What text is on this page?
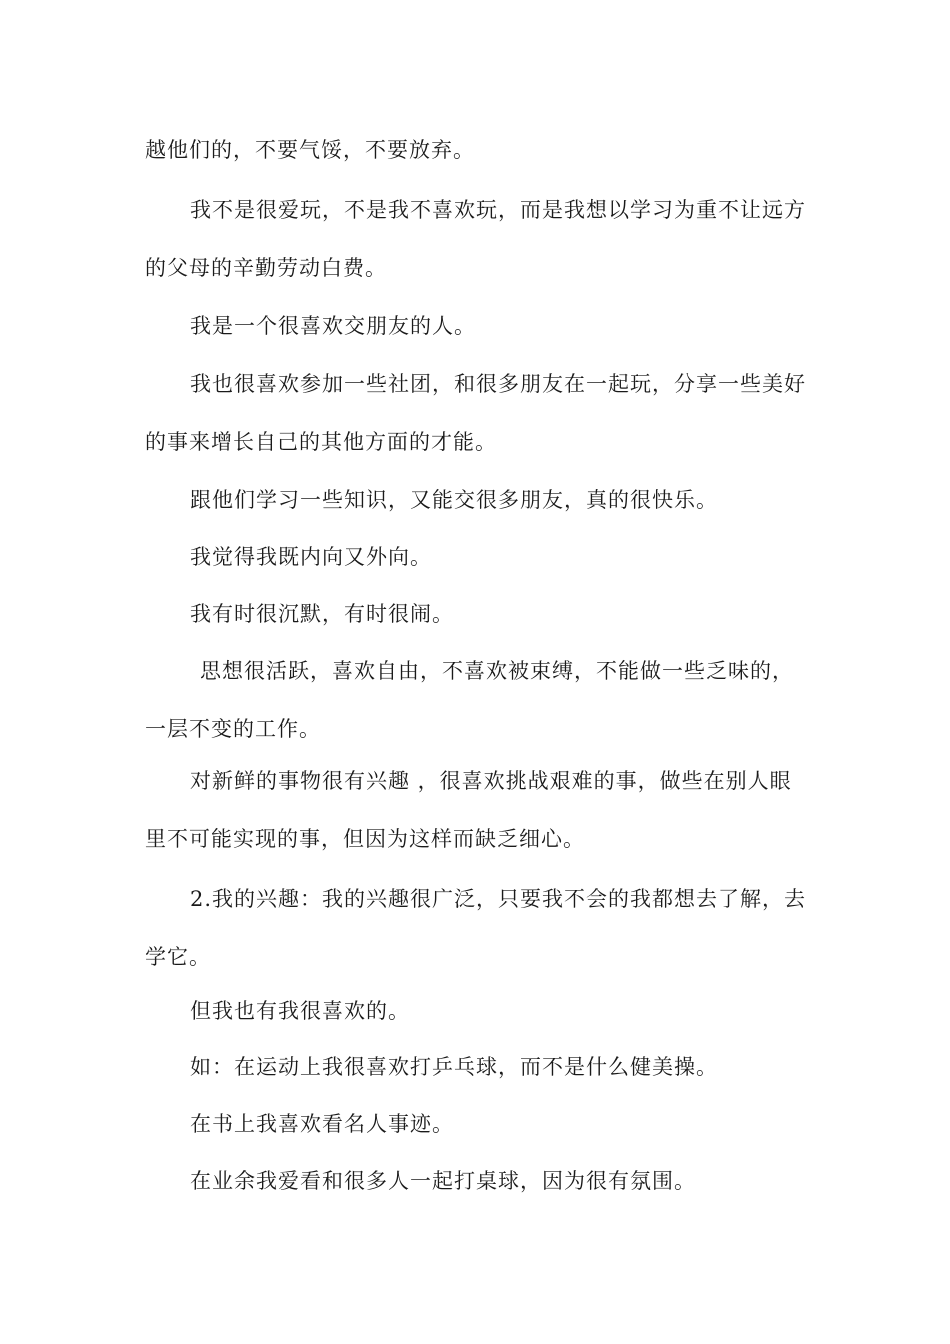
越他们的，不要气馁，不要放弃。

我不是很爱玩，不是我不喜欢玩，而是我想以学习为重不让远方的父母的辛勤劳动白费。

我是一个很喜欢交朋友的人。

我也很喜欢参加一些社团，和很多朋友在一起玩，分享一些美好的事来增长自己的其他方面的才能。

跟他们学习一些知识，又能交很多朋友，真的很快乐。

我觉得我既内向又外向。

我有时很沉默，有时很闹。

思想很活跃，喜欢自由，不喜欢被束缚，不能做一些乏味的，一层不变的工作。

对新鲜的事物很有兴趣 ，很喜欢挑战艰难的事，做些在别人眼里不可能实现的事，但因为这样而缺乏细心。

2.我的兴趣：我的兴趣很广泛，只要我不会的我都想去了解，去学它。

但我也有我很喜欢的。

如：在运动上我很喜欢打乒乓球，而不是什么健美操。

在书上我喜欢看名人事迹。

在业余我爱看和很多人一起打桌球，因为很有氛围。
